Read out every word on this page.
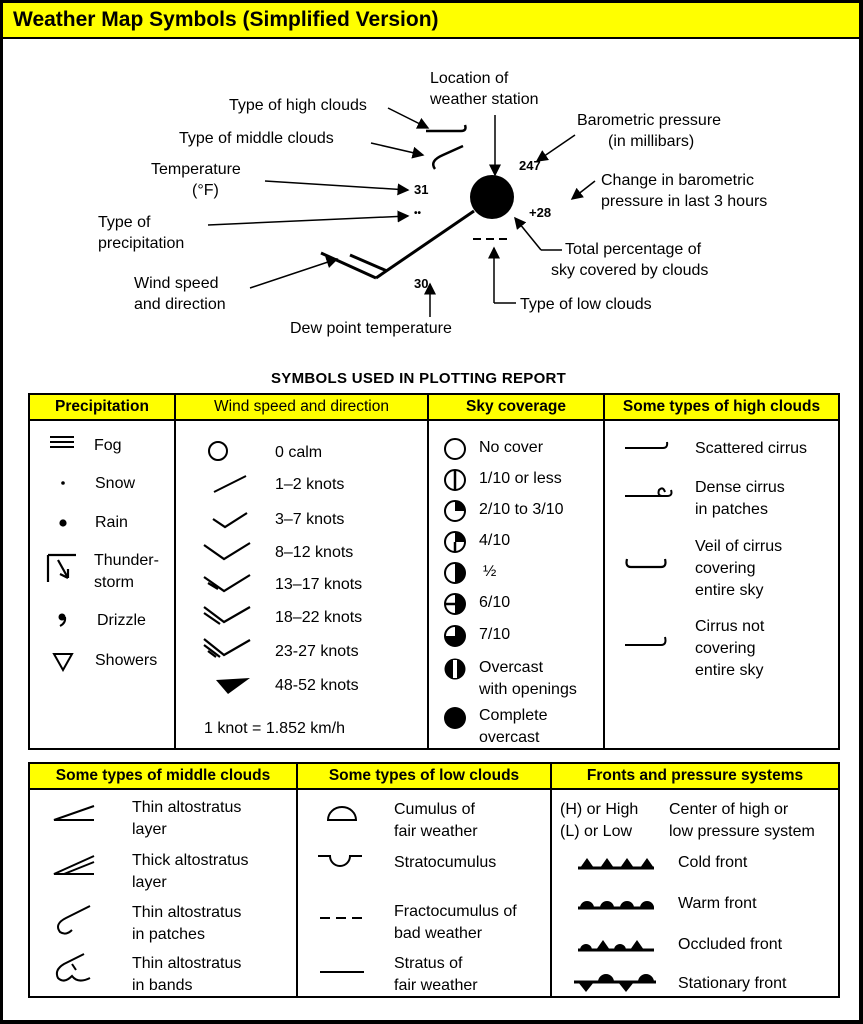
Weather Map Symbols (Simplified Version)
Type of high clouds
Location of
weather station
Barometric pressure
(in millibars)
Type of middle clouds
Temperature
(°F)
Change in barometric
pressure in last 3 hours
Type of
precipitation	Total percentage of
sky covered by clouds
Wind speed
and direction	Type of low clouds
Dew point temperature
247
31
+28
••
30
SYMBOLS USED IN PLOTTING REPORT
Precipitation
Fog
Snow
Rain
Thunder-
storm
Drizzle
Showers
Wind speed and direction
0 calm
1–2 knots
3–7 knots
8–12 knots
13–17 knots
18–22 knots
23-27 knots
48-52 knots
1 knot = 1.852 km/h
Sky coverage
No cover
1/10 or less
2/10 to 3/10
4/10
½
6/10
7/10
Overcast
with openings
Complete
overcast
Some types of high clouds
Scattered cirrus
Dense cirrus
in patches
Veil of cirrus
covering
entire sky
Cirrus not
covering
entire sky
Some types of middle clouds
Thin altostratus
layer
Thick altostratus
layer
Thin altostratus
in patches
Thin altostratus
in bands
Some types of low clouds
Cumulus of
fair weather
Stratocumulus
Fractocumulus of
bad weather
Stratus of
fair weather
Fronts and pressure systems
(H) or High
(L) or Low
Center of high or
low pressure system
Cold front
Warm front
Occluded front
Stationary front
